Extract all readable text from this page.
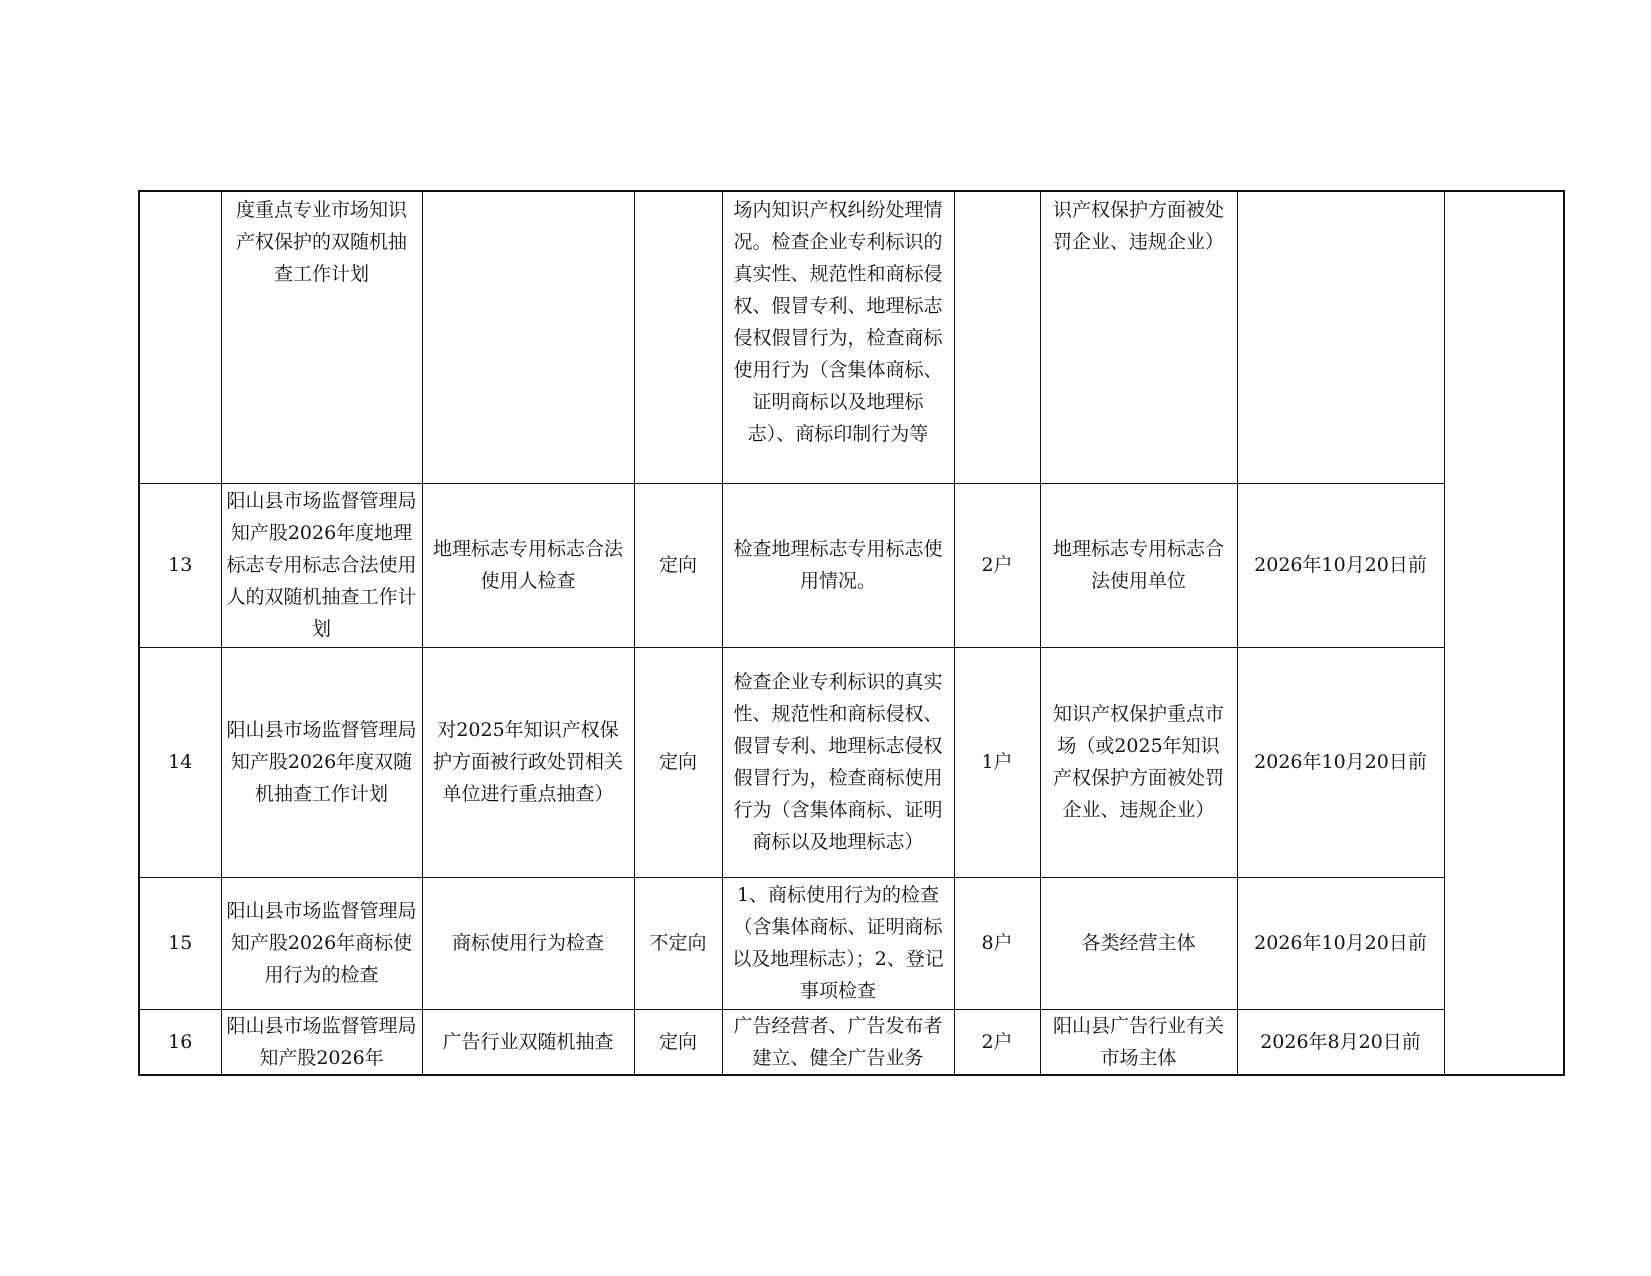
	度重点专业市场知识产权保护的双随机抽查工作计划			场内知识产权纠纷处理情况。检查企业专利标识的真实性、规范性和商标侵权、假冒专利、地理标志侵权假冒行为，检查商标使用行为（含集体商标、证明商标以及地理标志）、商标印制行为等		识产权保护方面被处罚企业、违规企业）		
13	阳山县市场监督管理局知产股2026年度地理标志专用标志合法使用人的双随机抽查工作计划	地理标志专用标志合法使用人检查	定向	检查地理标志专用标志使用情况。	2户	地理标志专用标志合法使用单位	2026年10月20日前	
14	阳山县市场监督管理局知产股2026年度双随机抽查工作计划	对2025年知识产权保护方面被行政处罚相关单位进行重点抽查）	定向	检查企业专利标识的真实性、规范性和商标侵权、假冒专利、地理标志侵权假冒行为，检查商标使用行为（含集体商标、证明商标以及地理标志）	1户	知识产权保护重点市场（或2025年知识产权保护方面被处罚企业、违规企业）	2026年10月20日前	
15	阳山县市场监督管理局知产股2026年商标使用行为的检查	商标使用行为检查	不定向	1、商标使用行为的检查（含集体商标、证明商标以及地理标志）；2、登记事项检查	8户	各类经营主体	2026年10月20日前	
16	阳山县市场监督管理局知产股2026年	广告行业双随机抽查	定向	广告经营者、广告发布者建立、健全广告业务	2户	阳山县广告行业有关市场主体	2026年8月20日前	
